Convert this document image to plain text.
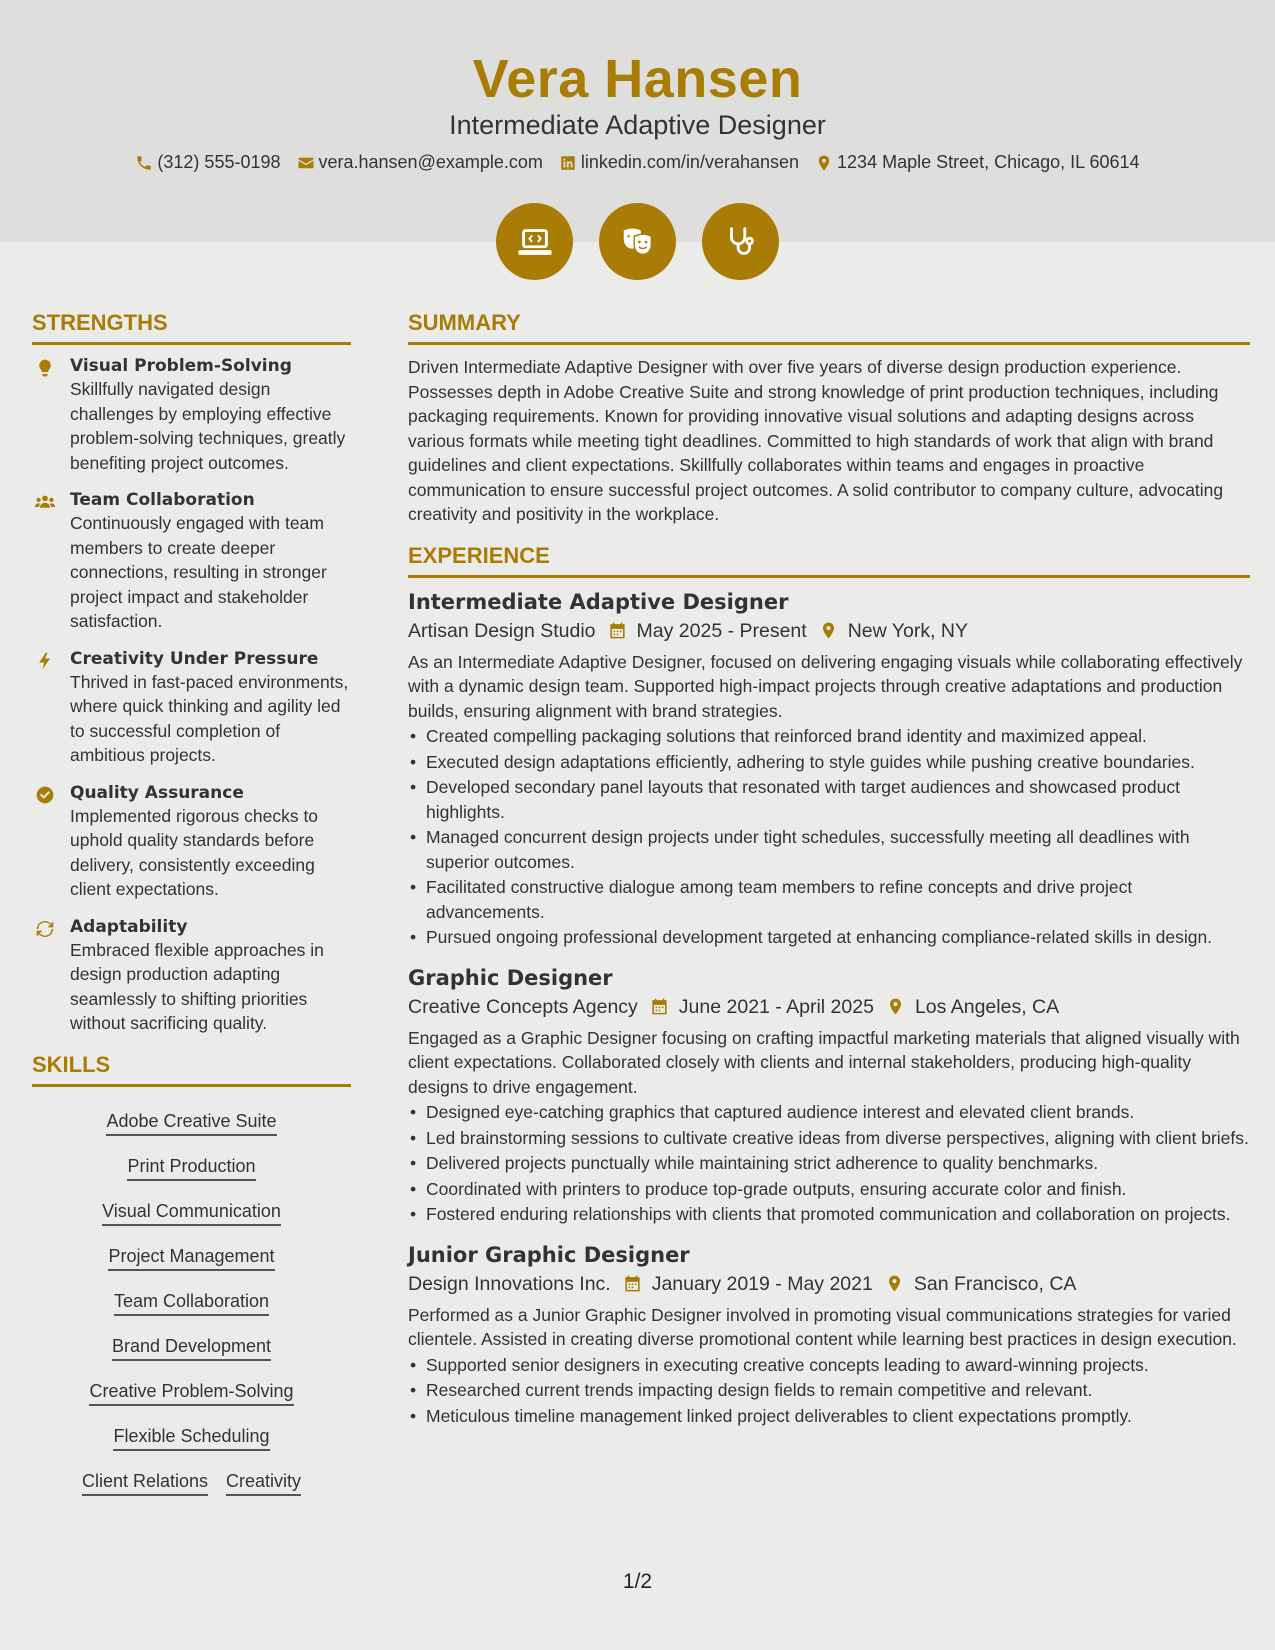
Vera Hansen
Intermediate Adaptive Designer
(312) 555-0198 vera.hansen@example.com linkedin.com/in/verahansen 1234 Maple Street, Chicago, IL 60614
STRENGTHS
Visual Problem-Solving
Skillfully navigated design challenges by employing effective problem-solving techniques, greatly benefiting project outcomes.
Team Collaboration
Continuously engaged with team members to create deeper connections, resulting in stronger project impact and stakeholder satisfaction.
Creativity Under Pressure
Thrived in fast-paced environments, where quick thinking and agility led to successful completion of ambitious projects.
Quality Assurance
Implemented rigorous checks to uphold quality standards before delivery, consistently exceeding client expectations.
Adaptability
Embraced flexible approaches in design production adapting seamlessly to shifting priorities without sacrificing quality.
SKILLS
Adobe Creative Suite
Print Production
Visual Communication
Project Management
Team Collaboration
Brand Development
Creative Problem-Solving
Flexible Scheduling
Client Relations Creativity
SUMMARY
Driven Intermediate Adaptive Designer with over five years of diverse design production experience. Possesses depth in Adobe Creative Suite and strong knowledge of print production techniques, including packaging requirements. Known for providing innovative visual solutions and adapting designs across various formats while meeting tight deadlines. Committed to high standards of work that align with brand guidelines and client expectations. Skillfully collaborates within teams and engages in proactive communication to ensure successful project outcomes. A solid contributor to company culture, advocating creativity and positivity in the workplace.
EXPERIENCE
Intermediate Adaptive Designer
Artisan Design Studio May 2025 - Present New York, NY
As an Intermediate Adaptive Designer, focused on delivering engaging visuals while collaborating effectively with a dynamic design team. Supported high-impact projects through creative adaptations and production builds, ensuring alignment with brand strategies.
• Created compelling packaging solutions that reinforced brand identity and maximized appeal.
• Executed design adaptations efficiently, adhering to style guides while pushing creative boundaries.
• Developed secondary panel layouts that resonated with target audiences and showcased product highlights.
• Managed concurrent design projects under tight schedules, successfully meeting all deadlines with superior outcomes.
• Facilitated constructive dialogue among team members to refine concepts and drive project advancements.
• Pursued ongoing professional development targeted at enhancing compliance-related skills in design.
Graphic Designer
Creative Concepts Agency June 2021 - April 2025 Los Angeles, CA
Engaged as a Graphic Designer focusing on crafting impactful marketing materials that aligned visually with client expectations. Collaborated closely with clients and internal stakeholders, producing high-quality designs to drive engagement.
• Designed eye-catching graphics that captured audience interest and elevated client brands.
• Led brainstorming sessions to cultivate creative ideas from diverse perspectives, aligning with client briefs.
• Delivered projects punctually while maintaining strict adherence to quality benchmarks.
• Coordinated with printers to produce top-grade outputs, ensuring accurate color and finish.
• Fostered enduring relationships with clients that promoted communication and collaboration on projects.
Junior Graphic Designer
Design Innovations Inc. January 2019 - May 2021 San Francisco, CA
Performed as a Junior Graphic Designer involved in promoting visual communications strategies for varied clientele. Assisted in creating diverse promotional content while learning best practices in design execution.
• Supported senior designers in executing creative concepts leading to award-winning projects.
• Researched current trends impacting design fields to remain competitive and relevant.
• Meticulous timeline management linked project deliverables to client expectations promptly.
1/2
